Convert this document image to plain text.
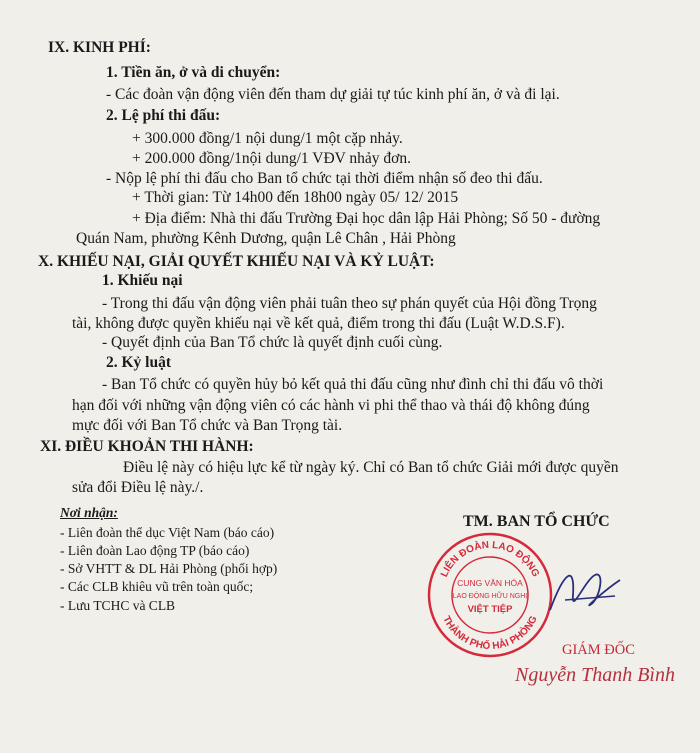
IX. KINH PHÍ:
1. Tiền ăn, ở và di chuyển:
- Các đoàn vận động viên đến tham dự giải tự túc kinh phí ăn, ở và đi lại.
2. Lệ phí thi đấu:
+ 300.000 đồng/1 nội dung/1 một cặp nhảy.
+ 200.000 đồng/1nội dung/1 VĐV nhảy đơn.
- Nộp lệ phí thi đấu cho Ban tổ chức tại thời điểm nhận số đeo thi đấu.
+ Thời gian: Từ 14h00 đến 18h00 ngày 05/ 12/ 2015
+ Địa điểm: Nhà thi đấu Trường Đại học dân lập Hải Phòng; Số 50 - đường
Quán Nam, phường Kênh Dương, quận Lê Chân , Hải Phòng
X. KHIẾU NẠI, GIẢI QUYẾT KHIẾU NẠI VÀ KỶ LUẬT:
1. Khiếu nại
- Trong thi đấu vận động viên phải tuân theo sự phán quyết của Hội đồng Trọng
tài, không được quyền khiếu nại về kết quả, điểm trong thi đấu (Luật W.D.S.F).
- Quyết định của Ban Tổ chức là quyết định cuối cùng.
2. Kỷ luật
- Ban Tổ chức có quyền hủy bỏ kết quả thi đấu cũng như đình chỉ thi đấu vô thời
hạn đối với những vận động viên có các hành vi phi thể thao và thái độ không đúng
mực đối với Ban Tổ chức và Ban Trọng tài.
XI. ĐIỀU KHOẢN THI HÀNH:
Điều lệ này có hiệu lực kể từ ngày ký. Chỉ có Ban tổ chức Giải mới được quyền
sửa đổi Điều lệ này./.
Nơi nhận:
- Liên đoàn thể dục Việt Nam (báo cáo)
- Liên đoàn Lao động TP (báo cáo)
- Sở VHTT & DL Hải Phòng (phối hợp)
- Các CLB khiêu vũ trên toàn quốc;
- Lưu TCHC và CLB
TM. BAN TỔ CHỨC
LIÊN ĐOÀN LAO ĐỘNG
THÀNH PHỐ HẢI PHÒNG
CUNG VĂN HÓA
LAO ĐỘNG HỮU NGHỊ
VIỆT TIỆP
GIÁM ĐỐC
Nguyễn Thanh Bình
